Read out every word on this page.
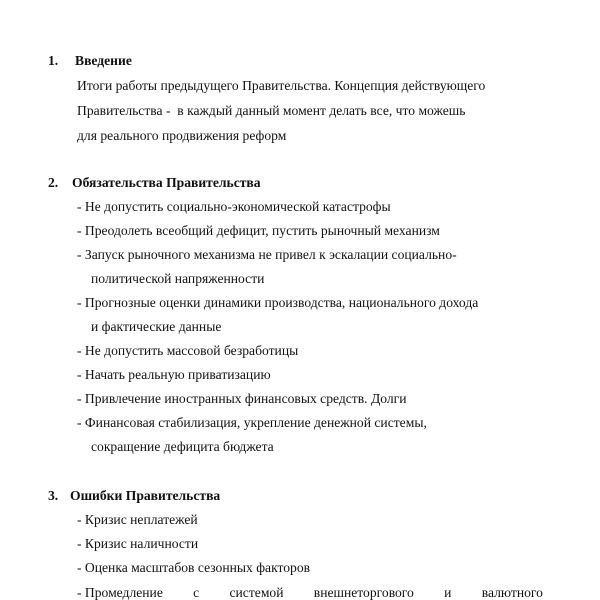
1. Введение
Итоги работы предыдущего Правительства. Концепция действующего
Правительства -  в каждый данный момент делать все, что можешь
для реального продвижения реформ
2. Обязательства Правительства
- Не допустить социально-экономической катастрофы
- Преодолеть всеобщий дефицит, пустить рыночный механизм
- Запуск рыночного механизма не привел к эскалации социально-
политической напряженности
- Прогнозные оценки динамики производства, национального дохода
и фактические данные
- Не допустить массовой безработицы
- Начать реальную приватизацию
- Привлечение иностранных финансовых средств. Долги
- Финансовая стабилизация, укрепление денежной системы,
сокращение дефицита бюджета
3. Ошибки Правительства
- Кризис неплатежей
- Кризис наличности
- Оценка масштабов сезонных факторов
- Промедление с системой внешнеторгового и валютного
